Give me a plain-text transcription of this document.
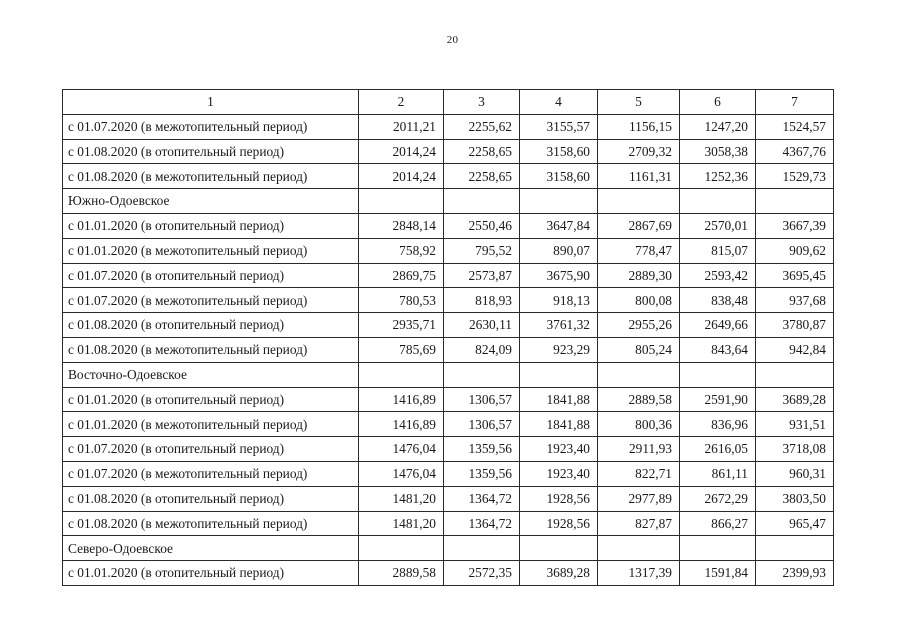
20
1	2	3	4	5	6	7
с 01.07.2020 (в межотопительный период)	2011,21	2255,62	3155,57	1156,15	1247,20	1524,57
с 01.08.2020 (в отопительный период)	2014,24	2258,65	3158,60	2709,32	3058,38	4367,76
с 01.08.2020 (в межотопительный период)	2014,24	2258,65	3158,60	1161,31	1252,36	1529,73
Южно-Одоевское						
с 01.01.2020 (в отопительный период)	2848,14	2550,46	3647,84	2867,69	2570,01	3667,39
с 01.01.2020 (в межотопительный период)	758,92	795,52	890,07	778,47	815,07	909,62
с 01.07.2020 (в отопительный период)	2869,75	2573,87	3675,90	2889,30	2593,42	3695,45
с 01.07.2020 (в межотопительный период)	780,53	818,93	918,13	800,08	838,48	937,68
с 01.08.2020 (в отопительный период)	2935,71	2630,11	3761,32	2955,26	2649,66	3780,87
с 01.08.2020 (в межотопительный период)	785,69	824,09	923,29	805,24	843,64	942,84
Восточно-Одоевское						
с 01.01.2020 (в отопительный период)	1416,89	1306,57	1841,88	2889,58	2591,90	3689,28
с 01.01.2020 (в межотопительный период)	1416,89	1306,57	1841,88	800,36	836,96	931,51
с 01.07.2020 (в отопительный период)	1476,04	1359,56	1923,40	2911,93	2616,05	3718,08
с 01.07.2020 (в межотопительный период)	1476,04	1359,56	1923,40	822,71	861,11	960,31
с 01.08.2020 (в отопительный период)	1481,20	1364,72	1928,56	2977,89	2672,29	3803,50
с 01.08.2020 (в межотопительный период)	1481,20	1364,72	1928,56	827,87	866,27	965,47
Северо-Одоевское						
с 01.01.2020 (в отопительный период)	2889,58	2572,35	3689,28	1317,39	1591,84	2399,93
